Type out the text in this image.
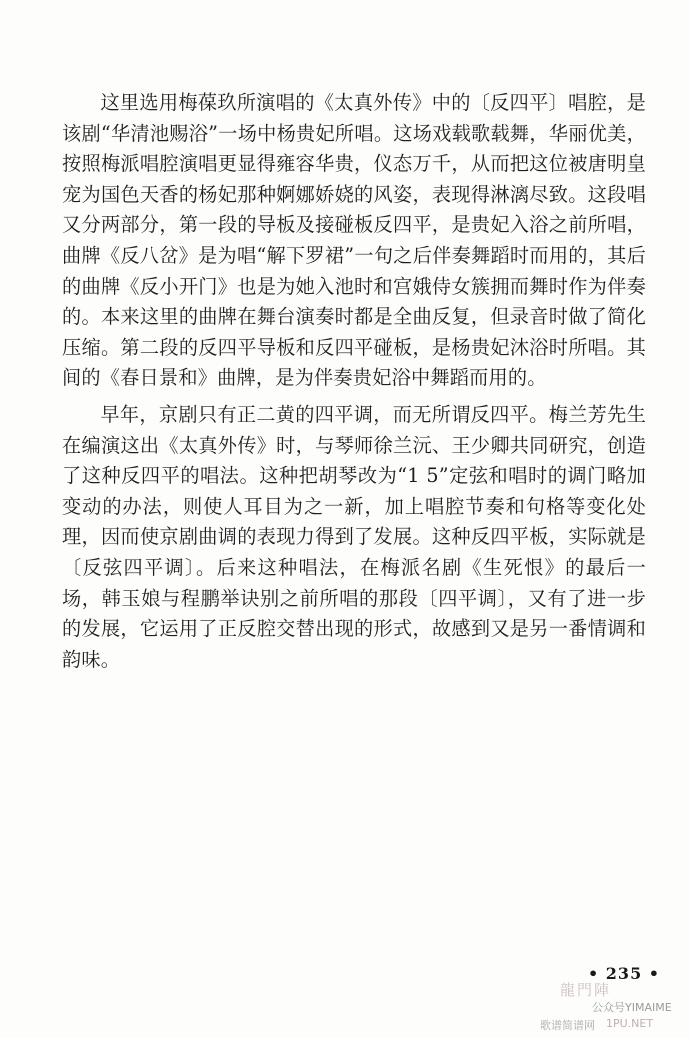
这里选用梅葆玖所演唱的《太真外传》中的〔反四平〕唱腔，是该剧“华清池赐浴”一场中杨贵妃所唱。这场戏载歌载舞，华丽优美，按照梅派唱腔演唱更显得雍容华贵，仪态万千，从而把这位被唐明皇宠为国色天香的杨妃那种婀娜娇娆的风姿，表现得淋漓尽致。这段唱又分两部分，第一段的导板及接碰板反四平，是贵妃入浴之前所唱，曲牌《反八岔》是为唱“解下罗裙”一句之后伴奏舞蹈时而用的，其后的曲牌《反小开门》也是为她入池时和宫娥侍女簇拥而舞时作为伴奏的。本来这里的曲牌在舞台演奏时都是全曲反复，但录音时做了简化压缩。第二段的反四平导板和反四平碰板，是杨贵妃沐浴时所唱。其间的《春日景和》曲牌，是为伴奏贵妃浴中舞蹈而用的。

早年，京剧只有正二黄的四平调，而无所谓反四平。梅兰芳先生在编演这出《太真外传》时，与琴师徐兰沅、王少卿共同研究，创造了这种反四平的唱法。这种把胡琴改为“1 5”定弦和唱时的调门略加变动的办法，则使人耳目为之一新，加上唱腔节奏和句格等变化处理，因而使京剧曲调的表现力得到了发展。这种反四平板，实际就是〔反弦四平调〕。后来这种唱法，在梅派名剧《生死恨》的最后一场，韩玉娘与程鹏举诀别之前所唱的那段〔四平调〕，又有了进一步的发展，它运用了正反腔交替出现的形式，故感到又是另一番情调和韵味。

• 235 •
龍門陣
公众号YIMAIME
歌谱简谱网 1PU.NET
